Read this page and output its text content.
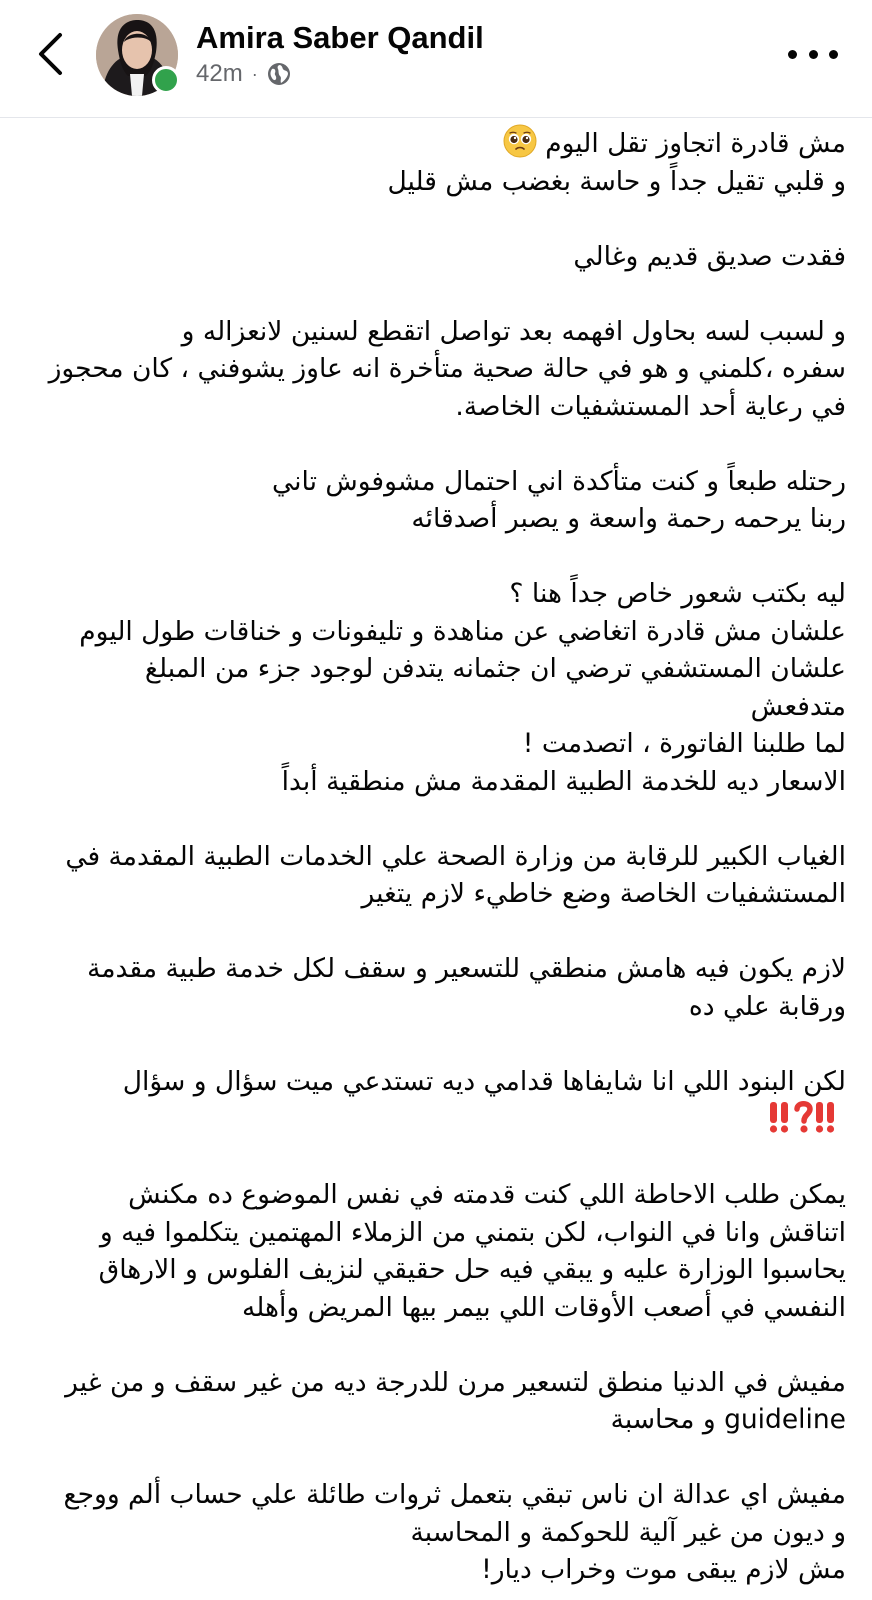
Amira Saber Qandil
42m ·
مش قادرة اتجاوز تقل اليوم
و قلبي تقيل جداً و حاسة بغضب مش قليل
فقدت صديق قديم وغالي
و لسبب لسه بحاول افهمه بعد تواصل اتقطع لسنين لانعزاله و
سفره ،كلمني و هو في حالة صحية متأخرة انه عاوز يشوفني ، كان محجوز
في رعاية أحد المستشفيات الخاصة.
رحتله طبعاً و كنت متأكدة اني احتمال مشوفوش تاني
ربنا يرحمه رحمة واسعة و يصبر أصدقائه
ليه بكتب شعور خاص جداً هنا ؟
علشان مش قادرة اتغاضي عن مناهدة و تليفونات و خناقات طول اليوم
علشان المستشفي ترضي ان جثمانه يتدفن لوجود جزء من المبلغ
متدفعش
لما طلبنا الفاتورة ، اتصدمت !
الاسعار ديه للخدمة الطبية المقدمة مش منطقية أبداً
الغياب الكبير للرقابة من وزارة الصحة علي الخدمات الطبية المقدمة في
المستشفيات الخاصة وضع خاطيء لازم يتغير
لازم يكون فيه هامش منطقي للتسعير و سقف لكل خدمة طبية مقدمة
ورقابة علي ده
لكن البنود اللي انا شايفاها قدامي ديه تستدعي ميت سؤال و سؤال
يمكن طلب الاحاطة اللي كنت قدمته في نفس الموضوع ده مكنش
اتناقش وانا في النواب، لكن بتمني من الزملاء المهتمين يتكلموا فيه و
يحاسبوا الوزارة عليه و يبقي فيه حل حقيقي لنزيف الفلوس و الارهاق
النفسي في أصعب الأوقات اللي بيمر بيها المريض وأهله
مفيش في الدنيا منطق لتسعير مرن للدرجة ديه من غير سقف و من غير
guideline و محاسبة
مفيش اي عدالة ان ناس تبقي بتعمل ثروات طائلة علي حساب ألم ووجع
و ديون من غير آلية للحوكمة و المحاسبة
مش لازم يبقى موت وخراب ديار!
